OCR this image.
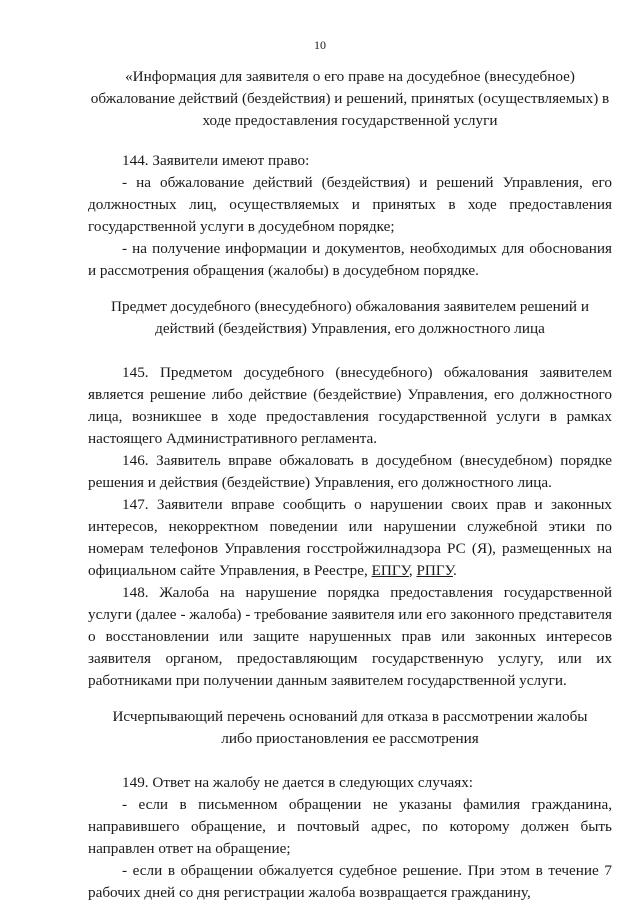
10
«Информация для заявителя о его праве на досудебное (внесудебное)
обжалование действий (бездействия) и решений, принятых (осуществляемых) в
ходе предоставления государственной услуги

144. Заявители имеют право:

- на обжалование действий (бездействия) и решений Управления, его должностных лиц, осуществляемых и принятых в ходе предоставления государственной услуги в досудебном порядке;

- на получение информации и документов, необходимых для обоснования и рассмотрения обращения (жалобы) в досудебном порядке.

Предмет досудебного (внесудебного) обжалования заявителем решений и
действий (бездействия) Управления, его должностного лица

145. Предметом досудебного (внесудебного) обжалования заявителем является решение либо действие (бездействие) Управления, его должностного лица, возникшее в ходе предоставления государственной услуги в рамках настоящего Административного регламента.

146. Заявитель вправе обжаловать в досудебном (внесудебном) порядке решения и действия (бездействие) Управления, его должностного лица.

147. Заявители вправе сообщить о нарушении своих прав и законных интересов, некорректном поведении или нарушении служебной этики по номерам телефонов Управления госстройжилнадзора РС (Я), размещенных на официальном сайте Управления, в Реестре, ЕПГУ, РПГУ.

148. Жалоба на нарушение порядка предоставления государственной услуги (далее - жалоба) - требование заявителя или его законного представителя о восстановлении или защите нарушенных прав или законных интересов заявителя органом, предоставляющим государственную услугу, или их работниками при получении данным заявителем государственной услуги.

Исчерпывающий перечень оснований для отказа в рассмотрении жалобы
либо приостановления ее рассмотрения

149. Ответ на жалобу не дается в следующих случаях:

- если в письменном обращении не указаны фамилия гражданина, направившего обращение, и почтовый адрес, по которому должен быть направлен ответ на обращение;

- если в обращении обжалуется судебное решение. При этом в течение 7 рабочих дней со дня регистрации жалоба возвращается гражданину,
